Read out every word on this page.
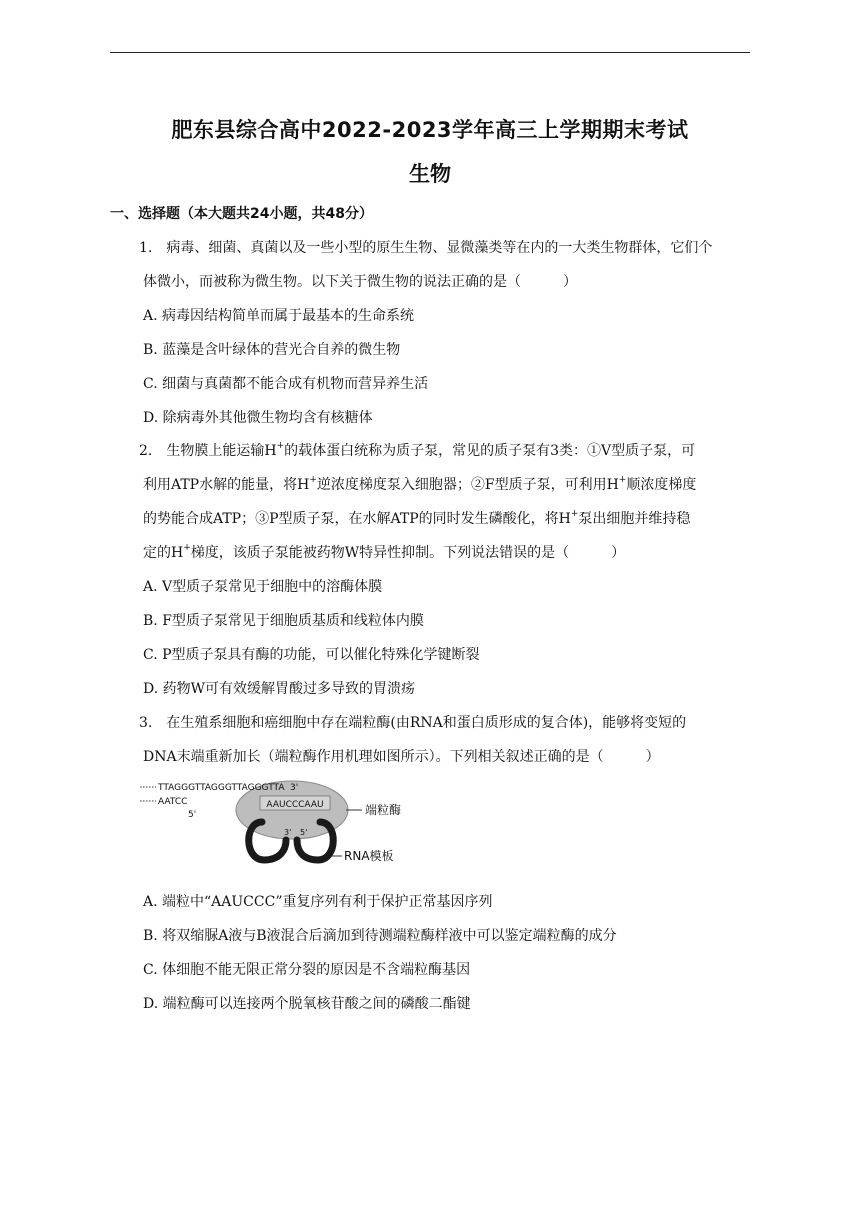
肥东县综合高中2022-2023学年高三上学期期末考试
生物
一、选择题（本大题共24小题，共48分）
1.　病毒、细菌、真菌以及一些小型的原生生物、显微藻类等在内的一大类生物群体，它们个
体微小，而被称为微生物。以下关于微生物的说法正确的是（　　　）
A. 病毒因结构简单而属于最基本的生命系统
B. 蓝藻是含叶绿体的营光合自养的微生物
C. 细菌与真菌都不能合成有机物而营异养生活
D. 除病毒外其他微生物均含有核糖体
2.　生物膜上能运输H+的载体蛋白统称为质子泵，常见的质子泵有3类：①V型质子泵，可
利用ATP水解的能量，将H+逆浓度梯度泵入细胞器；②F型质子泵，可利用H+顺浓度梯度
的势能合成ATP；③P型质子泵，在水解ATP的同时发生磷酸化，将H+泵出细胞并维持稳
定的H+梯度，该质子泵能被药物W特异性抑制。下列说法错误的是（　　　）
A. V型质子泵常见于细胞中的溶酶体膜
B. F型质子泵常见于细胞质基质和线粒体内膜
C. P型质子泵具有酶的功能，可以催化特殊化学键断裂
D. 药物W可有效缓解胃酸过多导致的胃溃疡
3.　在生殖系细胞和癌细胞中存在端粒酶(由RNA和蛋白质形成的复合体)，能够将变短的
DNA末端重新加长（端粒酶作用机理如图所示）。下列相关叙述正确的是（　　　）
AAUCCCAAU
3' 5'
TTAGGGTTAGGGTTAGGGTTA 3'
AATCC
5'	端粒酶
RNA模板
A. 端粒中“AAUCCC”重复序列有利于保护正常基因序列
B. 将双缩脲A液与B液混合后滴加到待测端粒酶样液中可以鉴定端粒酶的成分
C. 体细胞不能无限正常分裂的原因是不含端粒酶基因
D. 端粒酶可以连接两个脱氧核苷酸之间的磷酸二酯键
